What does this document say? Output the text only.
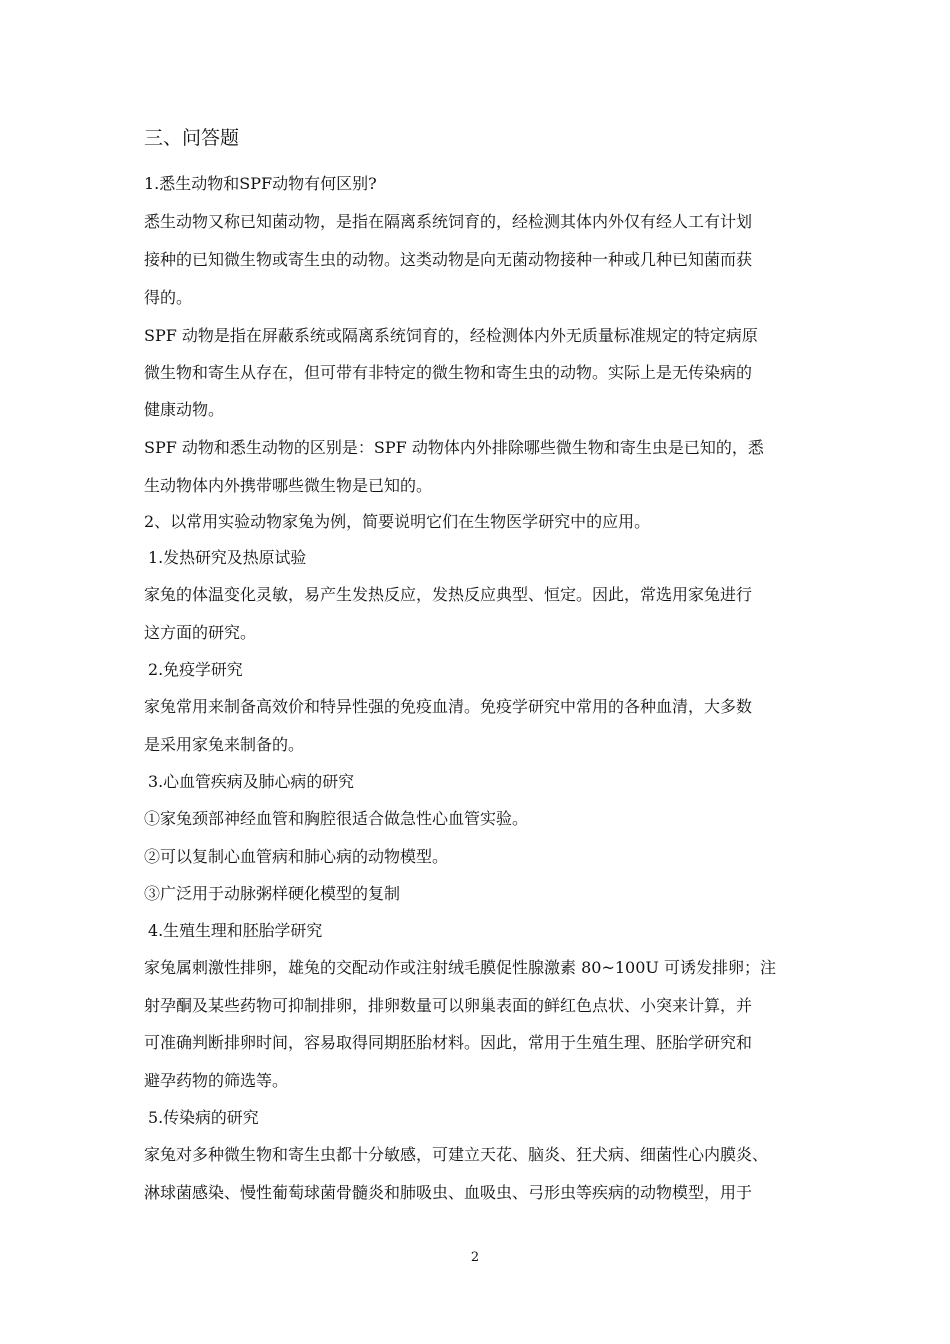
三、问答题
1.悉生动物和SPF动物有何区别?
悉生动物又称已知菌动物，是指在隔离系统饲育的，经检测其体内外仅有经人工有计划
接种的已知微生物或寄生虫的动物。这类动物是向无菌动物接种一种或几种已知菌而获
得的。
SPF 动物是指在屏蔽系统或隔离系统饲育的，经检测体内外无质量标准规定的特定病原
微生物和寄生从存在，但可带有非特定的微生物和寄生虫的动物。实际上是无传染病的
健康动物。
SPF 动物和悉生动物的区别是：SPF 动物体内外排除哪些微生物和寄生虫是已知的，悉
生动物体内外携带哪些微生物是已知的。
2、以常用实验动物家兔为例，简要说明它们在生物医学研究中的应用。
1.发热研究及热原试验
家兔的体温变化灵敏，易产生发热反应，发热反应典型、恒定。因此，常选用家兔进行
这方面的研究。
2.免疫学研究
家兔常用来制备高效价和特异性强的免疫血清。免疫学研究中常用的各种血清，大多数
是采用家兔来制备的。
3.心血管疾病及肺心病的研究
①家兔颈部神经血管和胸腔很适合做急性心血管实验。
②可以复制心血管病和肺心病的动物模型。
③广泛用于动脉粥样硬化模型的复制
4.生殖生理和胚胎学研究
家兔属刺激性排卵，雄兔的交配动作或注射绒毛膜促性腺激素 80~100U 可诱发排卵；注
射孕酮及某些药物可抑制排卵，排卵数量可以卵巢表面的鲜红色点状、小突来计算，并
可准确判断排卵时间，容易取得同期胚胎材料。因此，常用于生殖生理、胚胎学研究和
避孕药物的筛选等。
5.传染病的研究
家兔对多种微生物和寄生虫都十分敏感，可建立天花、脑炎、狂犬病、细菌性心内膜炎、
淋球菌感染、慢性葡萄球菌骨髓炎和肺吸虫、血吸虫、弓形虫等疾病的动物模型，用于
2
